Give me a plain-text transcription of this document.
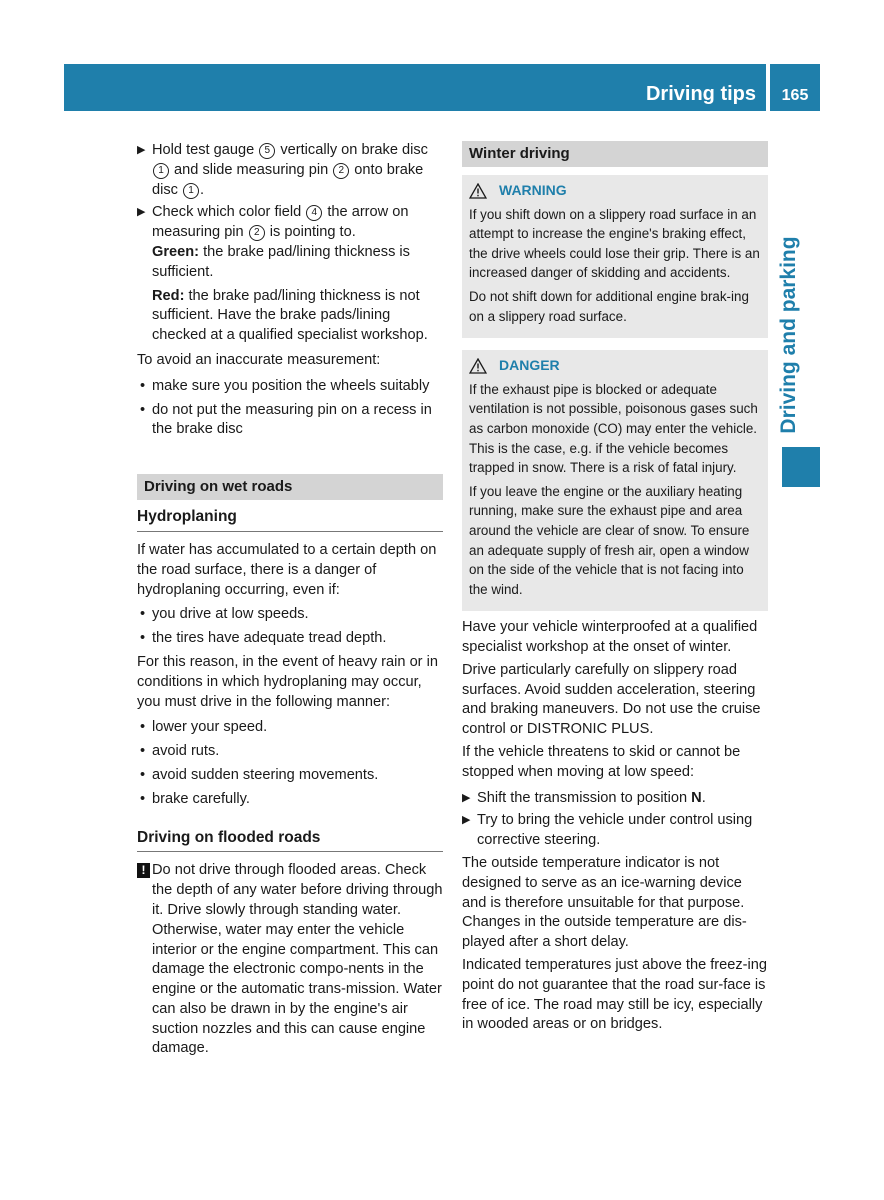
Driving tips	165
Driving and parking
▶ Hold test gauge 5 vertically on brake disc 1 and slide measuring pin 2 onto brake disc 1 .
▶ Check which color field 4 the arrow on measuring pin 2 is pointing to.
Green: the brake pad/lining thickness is sufficient.
Red: the brake pad/lining thickness is not sufficient. Have the brake pads/lining checked at a qualified specialist workshop.
To avoid an inaccurate measurement:
• make sure you position the wheels suitably
• do not put the measuring pin on a recess in the brake disc
Driving on wet roads
Hydroplaning
If water has accumulated to a certain depth on the road surface, there is a danger of hydroplaning occurring, even if:
• you drive at low speeds.
• the tires have adequate tread depth.
For this reason, in the event of heavy rain or in conditions in which hydroplaning may occur, you must drive in the following manner:
• lower your speed.
• avoid ruts.
• avoid sudden steering movements.
• brake carefully.
Driving on flooded roads
! Do not drive through flooded areas. Check the depth of any water before driving through it. Drive slowly through standing water. Otherwise, water may enter the vehicle interior or the engine compartment. This can damage the electronic compo-nents in the engine or the automatic trans-mission. Water can also be drawn in by the engine's air suction nozzles and this can cause engine damage.
Winter driving
WARNING

If you shift down on a slippery road surface in an attempt to increase the engine's braking effect, the drive wheels could lose their grip. There is an increased danger of skidding and accidents.

Do not shift down for additional engine brak-ing on a slippery road surface.

DANGER

If the exhaust pipe is blocked or adequate ventilation is not possible, poisonous gases such as carbon monoxide (CO) may enter the vehicle. This is the case, e.g. if the vehicle becomes trapped in snow. There is a risk of fatal injury.

If you leave the engine or the auxiliary heating running, make sure the exhaust pipe and area around the vehicle are clear of snow. To ensure an adequate supply of fresh air, open a window on the side of the vehicle that is not facing into the wind.

Have your vehicle winterproofed at a qualified specialist workshop at the onset of winter.
Drive particularly carefully on slippery road surfaces. Avoid sudden acceleration, steering and braking maneuvers. Do not use the cruise control or DISTRONIC PLUS.
If the vehicle threatens to skid or cannot be stopped when moving at low speed:
▶ Shift the transmission to position N.
▶ Try to bring the vehicle under control using corrective steering.
The outside temperature indicator is not designed to serve as an ice-warning device and is therefore unsuitable for that purpose. Changes in the outside temperature are dis-played after a short delay.
Indicated temperatures just above the freez-ing point do not guarantee that the road sur-face is free of ice. The road may still be icy, especially in wooded areas or on bridges.
